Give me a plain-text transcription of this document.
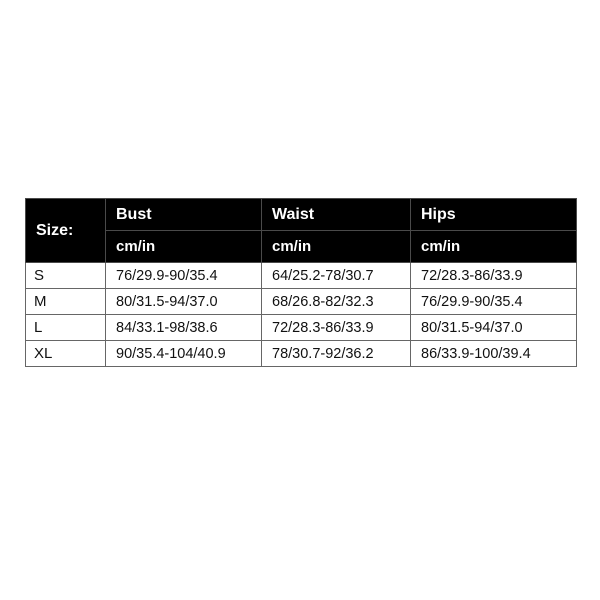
Size:	Bust	Waist	Hips
	cm/in	cm/in	cm/in
S	76/29.9-90/35.4	64/25.2-78/30.7	72/28.3-86/33.9
M	80/31.5-94/37.0	68/26.8-82/32.3	76/29.9-90/35.4
L	84/33.1-98/38.6	72/28.3-86/33.9	80/31.5-94/37.0
XL	90/35.4-104/40.9	78/30.7-92/36.2	86/33.9-100/39.4
